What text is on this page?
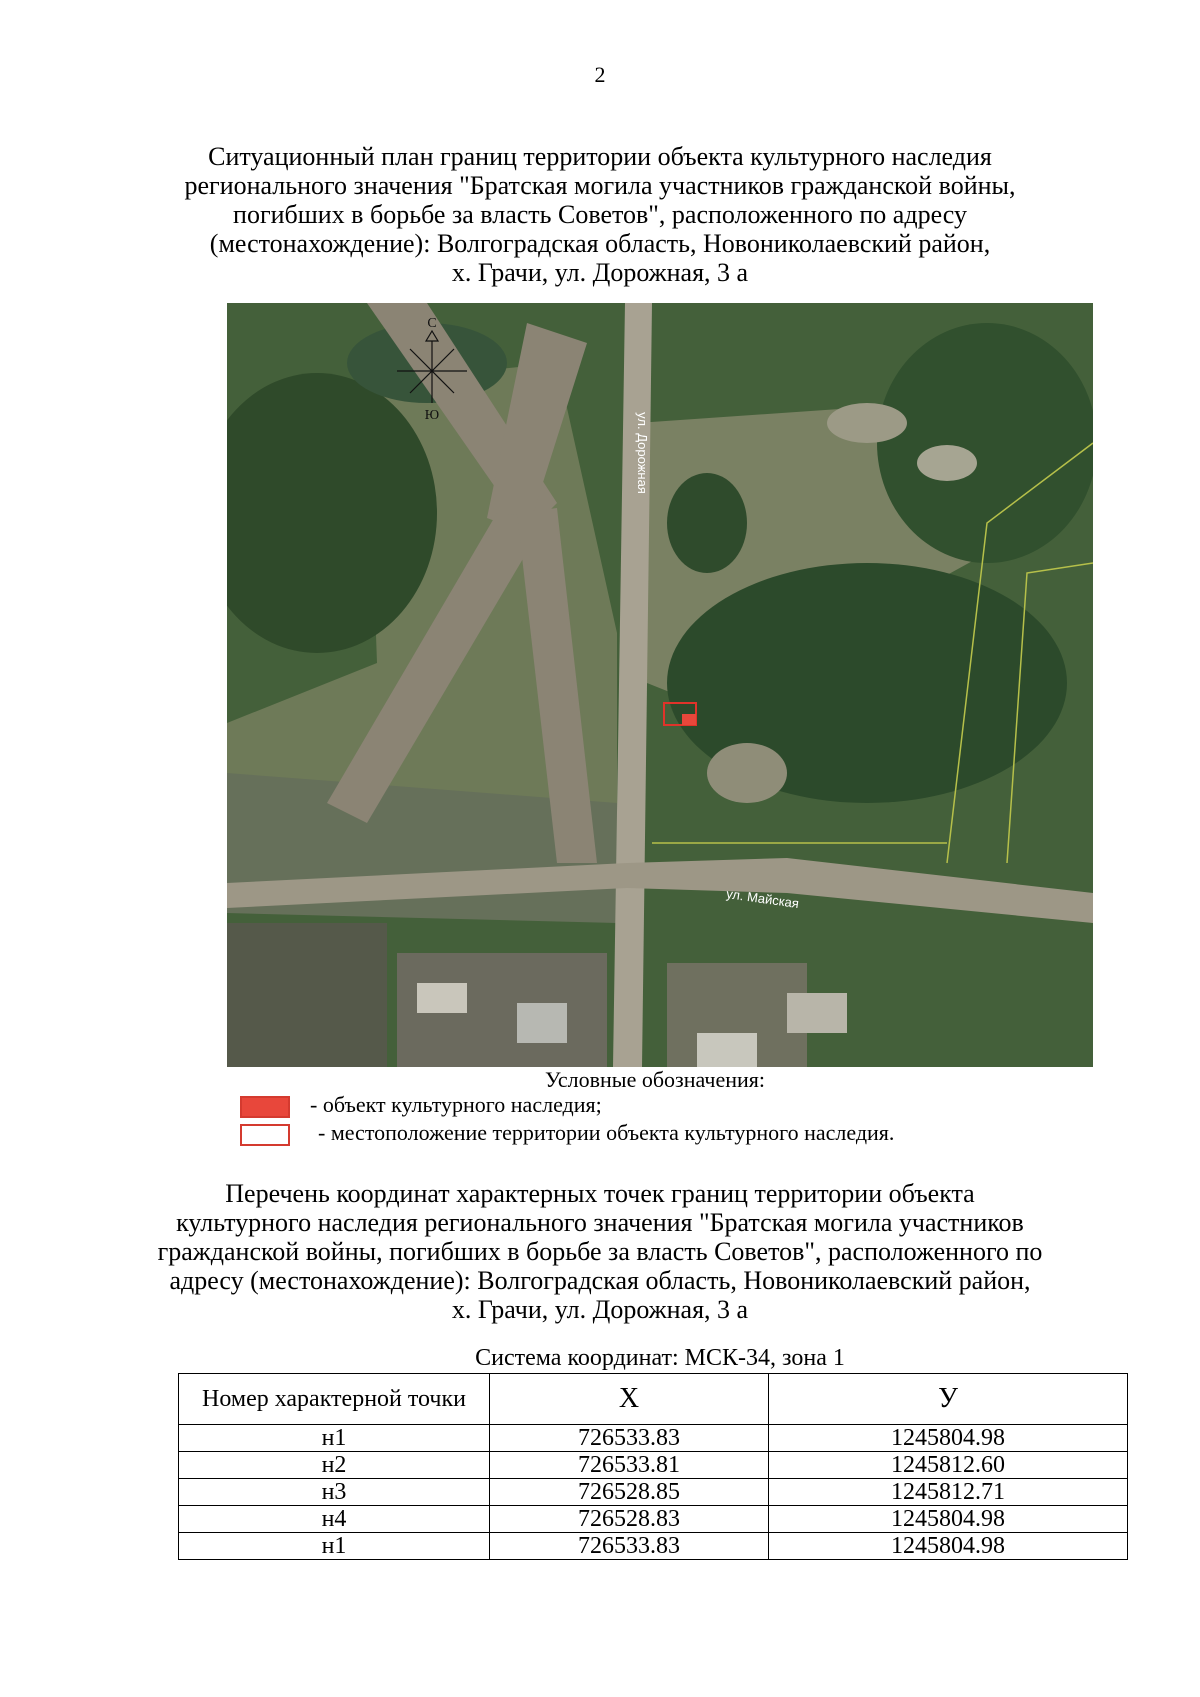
2
Ситуационный план границ территории объекта культурного наследия
регионального значения "Братская могила участников гражданской войны,
погибших в борьбе за власть Советов", расположенного по адресу
(местонахождение): Волгоградская область, Новониколаевский район,
х. Грачи, ул. Дорожная, 3 а
С
Ю	ул. Дорожная
ул. Майская
Условные обозначения:
- объект культурного наследия;
- местоположение территории объекта культурного наследия.
Перечень координат характерных точек границ территории объекта
культурного наследия регионального значения "Братская могила участников
гражданской войны, погибших в борьбе за власть Советов", расположенного по
адресу (местонахождение): Волгоградская область, Новониколаевский район,
х. Грачи, ул. Дорожная, 3 а
Система координат: МСК-34, зона 1
Номер характерной точки	X	У
н1	726533.83	1245804.98
н2	726533.81	1245812.60
н3	726528.85	1245812.71
н4	726528.83	1245804.98
н1	726533.83	1245804.98
